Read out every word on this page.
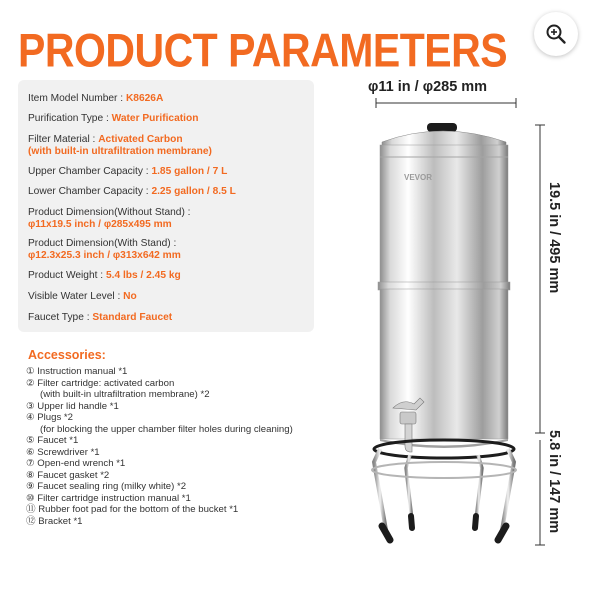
PRODUCT PARAMETERS
Item Model Number : K8626A
Purification Type : Water Purification
Filter Material : Activated Carbon
(with built-in ultrafiltration membrane)
Upper Chamber Capacity : 1.85 gallon / 7 L
Lower Chamber Capacity : 2.25 gallon / 8.5 L
Product Dimension(Without Stand) :
φ11x19.5 inch / φ285x495 mm
Product Dimension(With Stand) :
φ12.3x25.3 inch / φ313x642 mm
Product Weight : 5.4 lbs / 2.45 kg
Visible Water Level : No
Faucet Type : Standard Faucet
Accessories:
① Instruction manual *1
② Filter cartridge: activated carbon
(with built-in ultrafiltration membrane) *2
③ Upper lid handle *1
④ Plugs *2
(for blocking the upper chamber filter holes during cleaning)
⑤ Faucet *1
⑥ Screwdriver *1
⑦ Open-end wrench *1
⑧ Faucet gasket *2
⑨ Faucet sealing ring (milky white) *2
⑩ Filter cartridge instruction manual *1
⑪ Rubber foot pad for the bottom of the bucket *1
⑫ Bracket *1
VEVOR
φ11 in / φ285 mm
19.5 in / 495 mm
5.8 in / 147 mm
